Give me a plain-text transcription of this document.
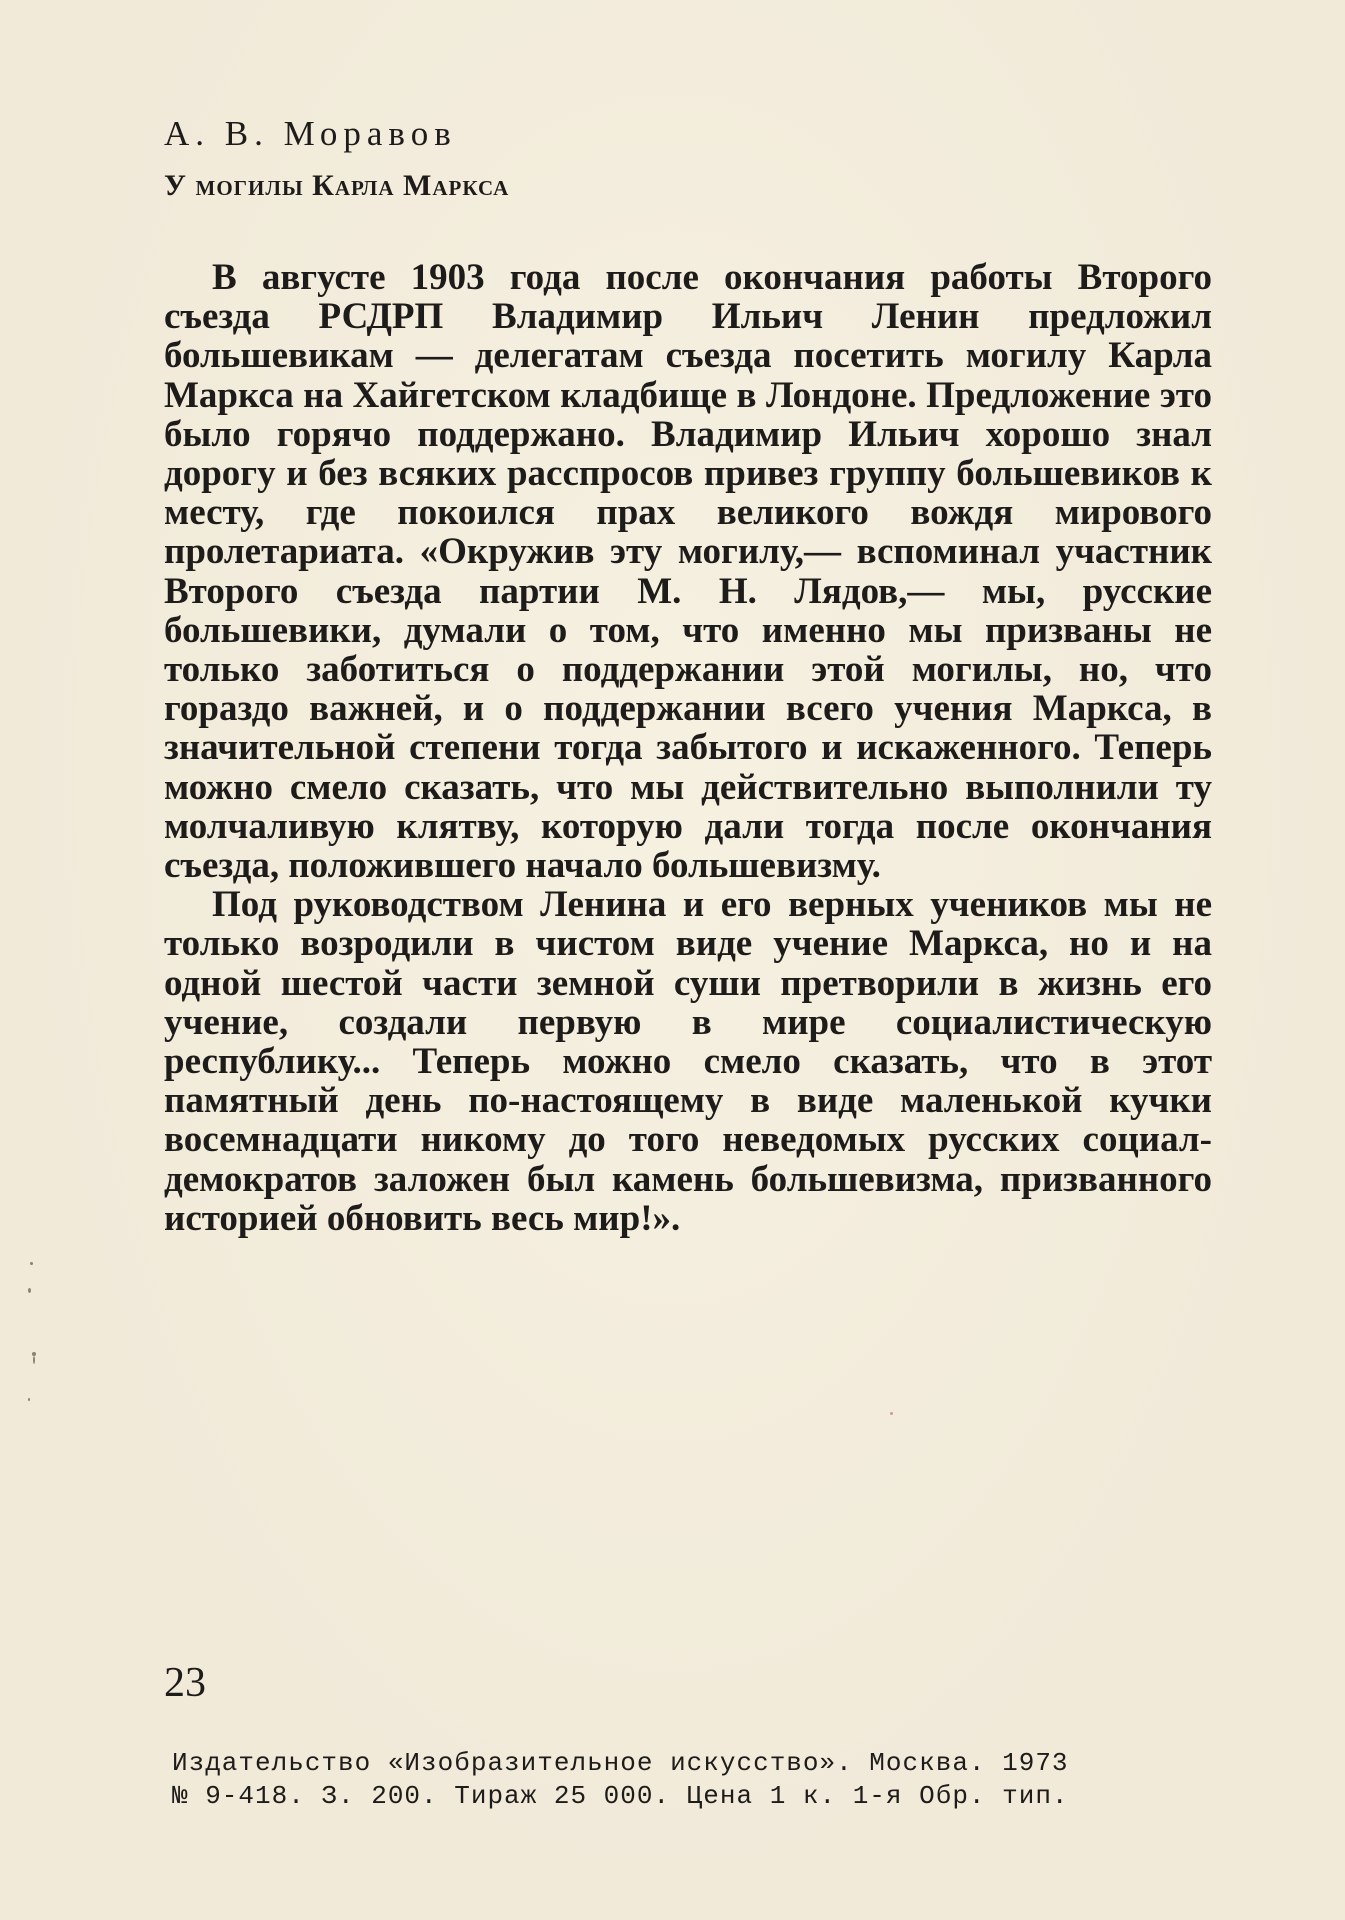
А. В. Моравов
У могилы Карла Маркса

В августе 1903 года после окончания работы Второго съезда РСДРП Владимир Ильич Ленин предложил большевикам — делегатам съезда посетить могилу Карла Маркса на Хайгетском кладбище в Лондоне. Предложение это было горячо поддержано. Владимир Ильич хорошо знал дорогу и без всяких расспросов привез группу большевиков к месту, где покоился прах великого вождя мирового пролетариата. «Окружив эту могилу,— вспоминал участник Второго съезда партии М. Н. Лядов,— мы, русские большевики, думали о том, что именно мы призваны не только заботиться о поддержании этой могилы, но, что гораздо важней, и о поддержании всего учения Маркса, в значительной степени тогда забытого и искаженного. Теперь можно смело сказать, что мы действительно выполнили ту молчаливую клятву, которую дали тогда после окончания съезда, положившего начало большевизму.

Под руководством Ленина и его верных учеников мы не только возродили в чистом виде учение Маркса, но и на одной шестой части земной суши претворили в жизнь его учение, создали первую в мире социалистическую республику... Теперь можно смело сказать, что в этот памятный день по-настоящему в виде маленькой кучки восемнадцати никому до того неведомых русских социал-демократов заложен был камень большевизма, призванного историей обновить весь мир!».

23
Издательство «Изобразительное искусство». Москва. 1973
№ 9-418. З. 200. Тираж 25 000. Цена 1 к. 1-я Обр. тип.
